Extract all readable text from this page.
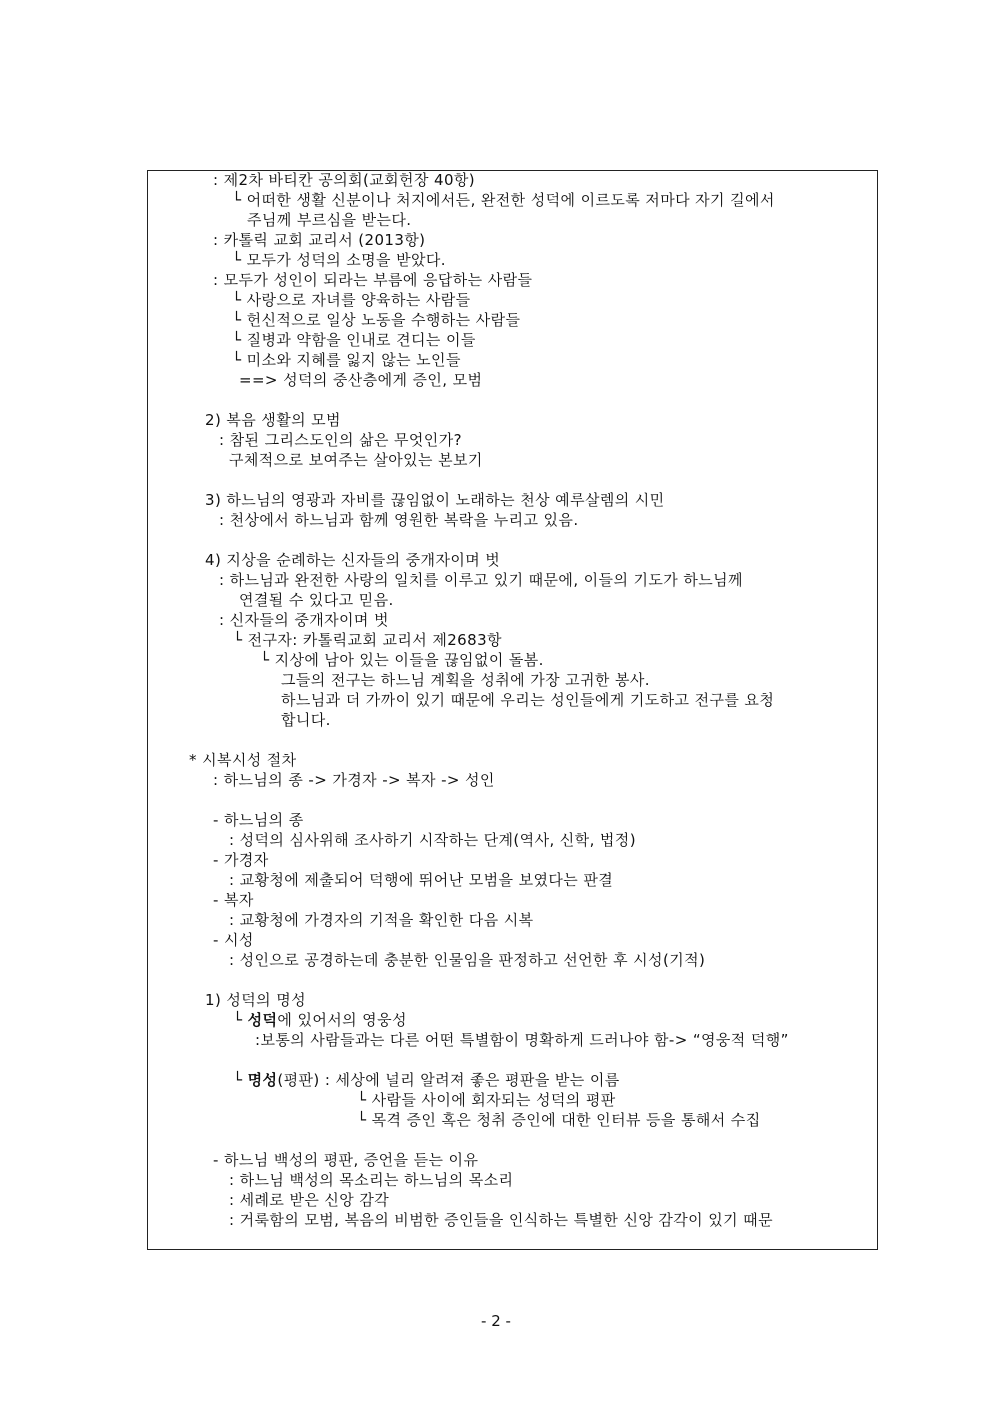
: 제2차 바티칸 공의회(교회헌장 40항)
└ 어떠한 생활 신분이나 처지에서든, 완전한 성덕에 이르도록 저마다 자기 길에서
주님께 부르심을 받는다.
: 카톨릭 교회 교리서 (2013항)
└ 모두가 성덕의 소명을 받았다.
: 모두가 성인이 되라는 부름에 응답하는 사람들
└ 사랑으로 자녀를 양육하는 사람들
└ 헌신적으로 일상 노동을 수행하는 사람들
└ 질병과 약함을 인내로 견디는 이들
└ 미소와 지혜를 잃지 않는 노인들
==> 성덕의 중산층에게 증인, 모범
2) 복음 생활의 모범
: 참된 그리스도인의 삶은 무엇인가?
구체적으로 보여주는 살아있는 본보기
3) 하느님의 영광과 자비를 끊임없이 노래하는 천상 예루살렘의 시민
: 천상에서 하느님과 함께 영원한 복락을 누리고 있음.
4) 지상을 순례하는 신자들의 중개자이며 벗
: 하느님과 완전한 사랑의 일치를 이루고 있기 때문에, 이들의 기도가 하느님께
연결될 수 있다고 믿음.
: 신자들의 중개자이며 벗
└ 전구자: 카톨릭교회 교리서 제2683항
└ 지상에 남아 있는 이들을 끊임없이 돌봄.
그들의 전구는 하느님 계획을 성취에 가장 고귀한 봉사.
하느님과 더 가까이 있기 때문에 우리는 성인들에게 기도하고 전구를 요청
합니다.
* 시복시성 절차
: 하느님의 종 -> 가경자 -> 복자 -> 성인
- 하느님의 종
: 성덕의 심사위해 조사하기 시작하는 단계(역사, 신학, 법정)
- 가경자
: 교황청에 제출되어 덕행에 뛰어난 모범을 보였다는 판결
- 복자
: 교황청에 가경자의 기적을 확인한 다음 시복
- 시성
: 성인으로 공경하는데 충분한 인물임을 판정하고 선언한 후 시성(기적)
1) 성덕의 명성
└ 성덕에 있어서의 영웅성
:보통의 사람들과는 다른 어떤 특별함이 명확하게 드러나야 함-> “영웅적 덕행”
└ 명성(평판) : 세상에 널리 알려져 좋은 평판을 받는 이름
└ 사람들 사이에 회자되는 성덕의 평판
└ 목격 증인 혹은 청취 증인에 대한 인터뷰 등을 통해서 수집
- 하느님 백성의 평판, 증언을 듣는 이유
: 하느님 백성의 목소리는 하느님의 목소리
: 세례로 받은 신앙 감각
: 거룩함의 모범, 복음의 비범한 증인들을 인식하는 특별한 신앙 감각이 있기 때문
- 2 -
